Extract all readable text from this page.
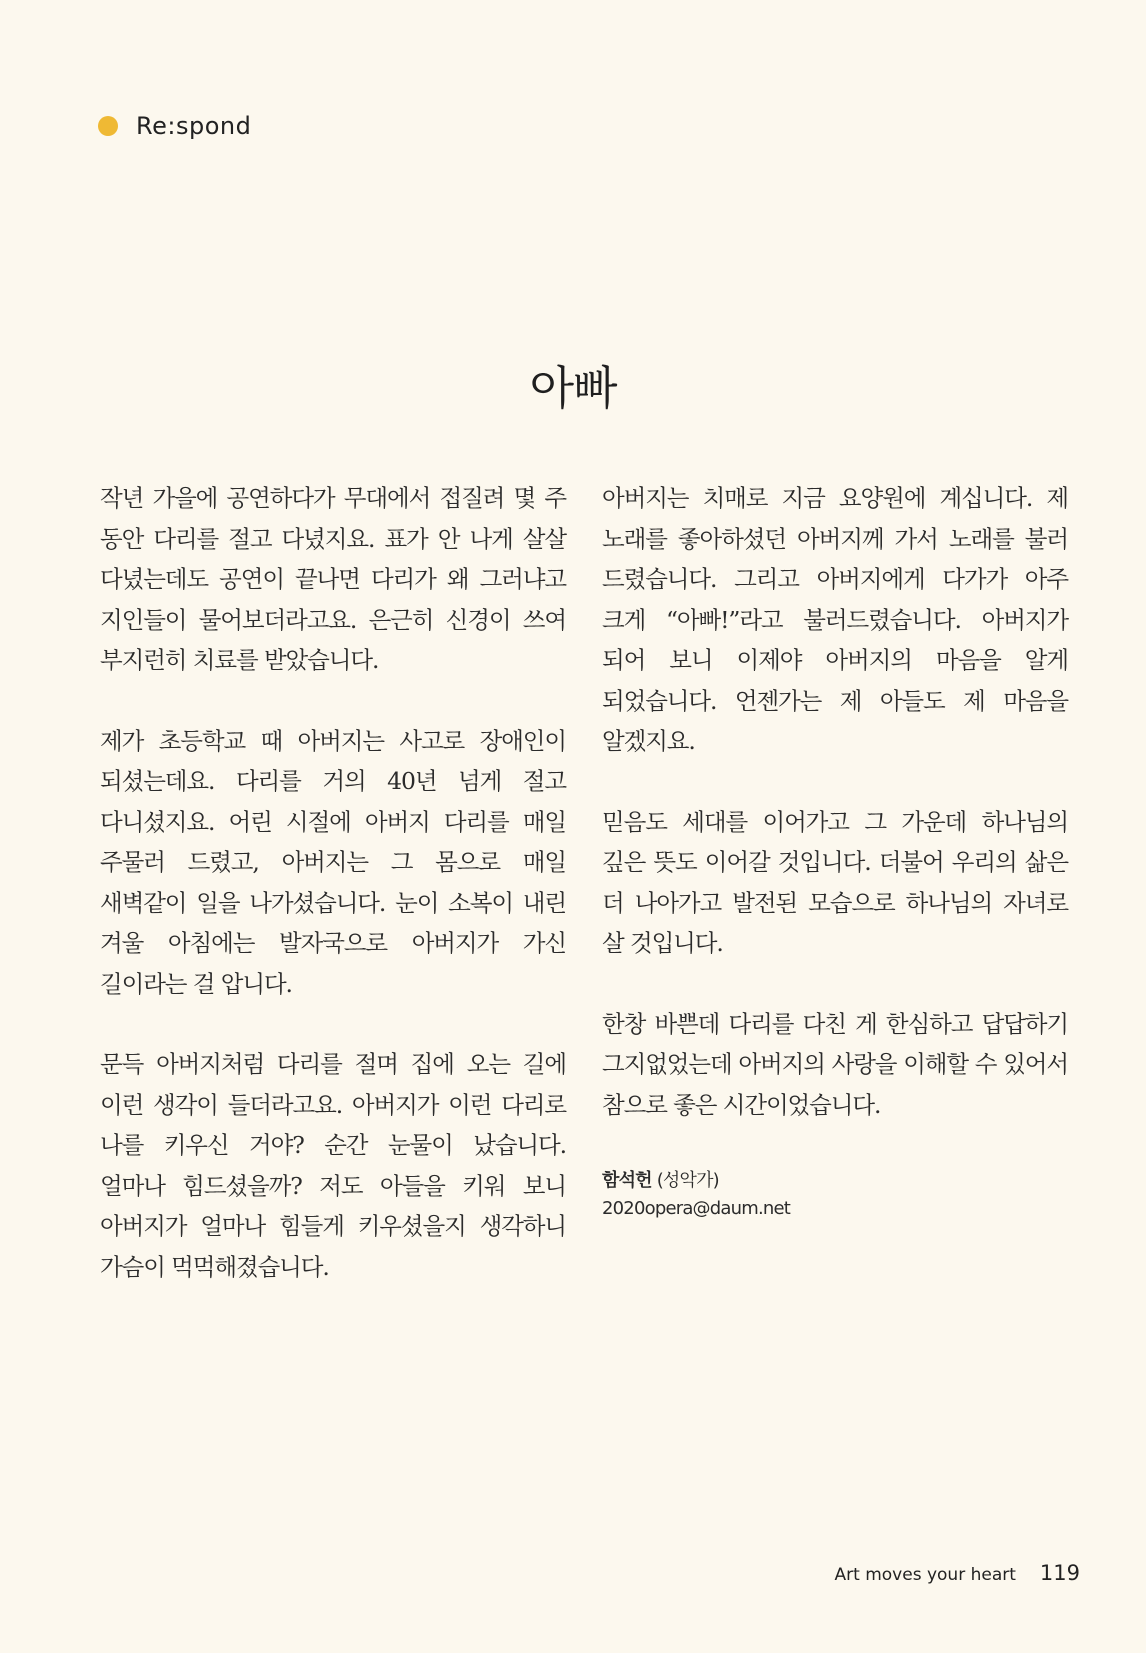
Re:spond
아빠

작년 가을에 공연하다가 무대에서 접질려 몇 주 동안 다리를 절고 다녔지요. 표가 안 나게 살살 다녔는데도 공연이 끝나면 다리가 왜 그러냐고 지인들이 물어보더라고요. 은근히 신경이 쓰여 부지런히 치료를 받았습니다.

제가 초등학교 때 아버지는 사고로 장애인이 되셨는데요. 다리를 거의 40년 넘게 절고 다니셨지요. 어린 시절에 아버지 다리를 매일 주물러 드렸고, 아버지는 그 몸으로 매일 새벽같이 일을 나가셨습니다. 눈이 소복이 내린 겨울 아침에는 발자국으로 아버지가 가신 길이라는 걸 압니다.

문득 아버지처럼 다리를 절며 집에 오는 길에 이런 생각이 들더라고요. 아버지가 이런 다리로 나를 키우신 거야? 순간 눈물이 났습니다. 얼마나 힘드셨을까? 저도 아들을 키워 보니 아버지가 얼마나 힘들게 키우셨을지 생각하니 가슴이 먹먹해졌습니다.

아버지는 치매로 지금 요양원에 계십니다. 제 노래를 좋아하셨던 아버지께 가서 노래를 불러 드렸습니다. 그리고 아버지에게 다가가 아주 크게 “아빠!”라고 불러드렸습니다. 아버지가 되어 보니 이제야 아버지의 마음을 알게 되었습니다. 언젠가는 제 아들도 제 마음을 알겠지요.

믿음도 세대를 이어가고 그 가운데 하나님의 깊은 뜻도 이어갈 것입니다. 더불어 우리의 삶은 더 나아가고 발전된 모습으로 하나님의 자녀로 살 것입니다.

한창 바쁜데 다리를 다친 게 한심하고 답답하기 그지없었는데 아버지의 사랑을 이해할 수 있어서 참으로 좋은 시간이었습니다.

함석헌 (성악가)
2020opera@daum.net
Art moves your heart 119
